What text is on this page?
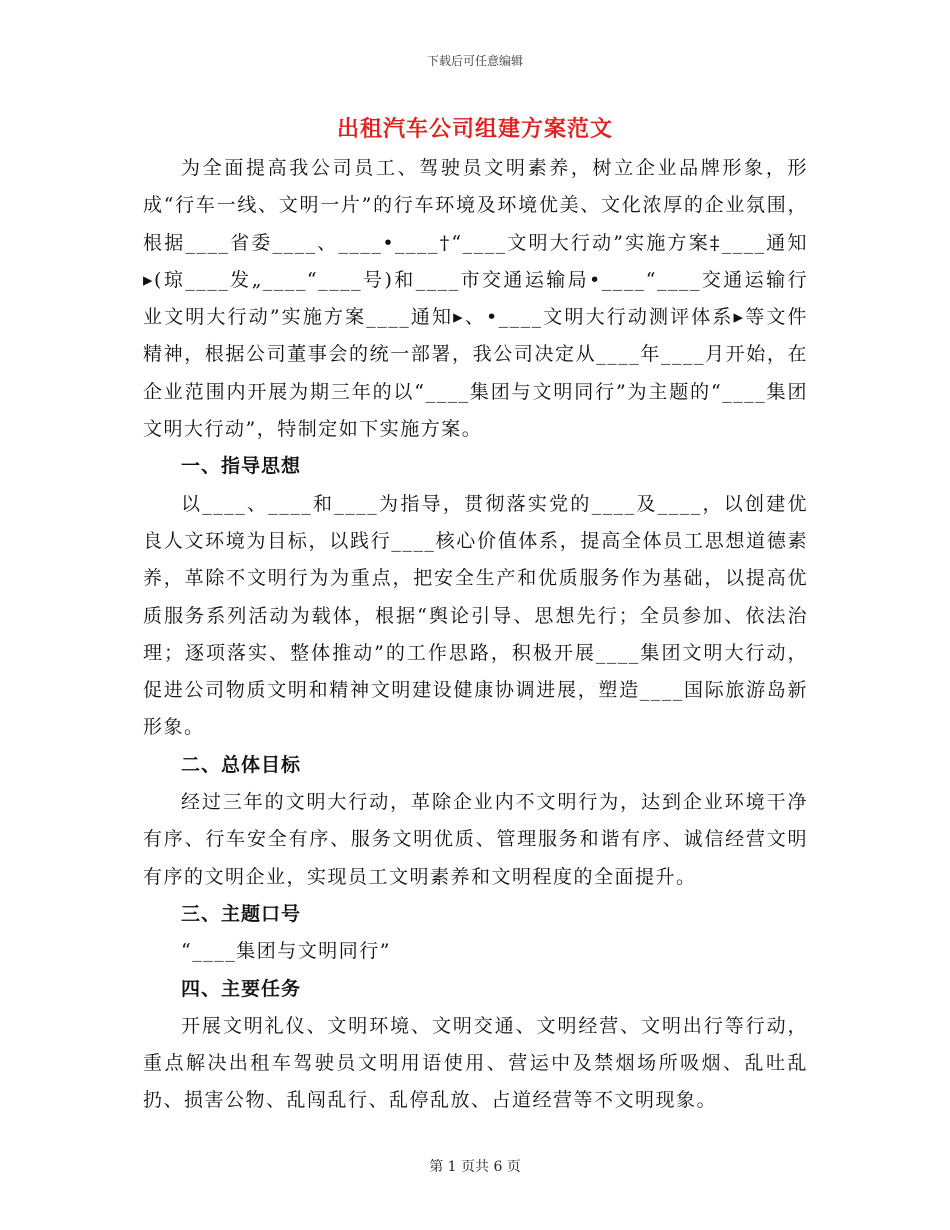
下载后可任意编辑
出租汽车公司组建方案范文

为全面提高我公司员工、驾驶员文明素养，树立企业品牌形象，形成“行车一线、文明一片”的行车环境及环境优美、文化浓厚的企业氛围，根据____省委____、____•____†“____文明大行动”实施方案‡____通知▸(琼____发„____“____号)和____市交通运输局•____“____交通运输行业文明大行动”实施方案____通知▸、•____文明大行动测评体系▸等文件精神，根据公司董事会的统一部署，我公司决定从____年____月开始，在企业范围内开展为期三年的以“____集团与文明同行”为主题的“____集团文明大行动”，特制定如下实施方案。

一、指导思想

以____、____和____为指导，贯彻落实党的____及____，以创建优良人文环境为目标，以践行____核心价值体系，提高全体员工思想道德素养，革除不文明行为为重点，把安全生产和优质服务作为基础，以提高优质服务系列活动为载体，根据“舆论引导、思想先行；全员参加、依法治理；逐项落实、整体推动”的工作思路，积极开展____集团文明大行动，促进公司物质文明和精神文明建设健康协调进展，塑造____国际旅游岛新形象。

二、总体目标

经过三年的文明大行动，革除企业内不文明行为，达到企业环境干净有序、行车安全有序、服务文明优质、管理服务和谐有序、诚信经营文明有序的文明企业，实现员工文明素养和文明程度的全面提升。

三、主题口号

“____集团与文明同行”

四、主要任务

开展文明礼仪、文明环境、文明交通、文明经营、文明出行等行动，重点解决出租车驾驶员文明用语使用、营运中及禁烟场所吸烟、乱吐乱扔、损害公物、乱闯乱行、乱停乱放、占道经营等不文明现象。

第 1 页共 6 页
